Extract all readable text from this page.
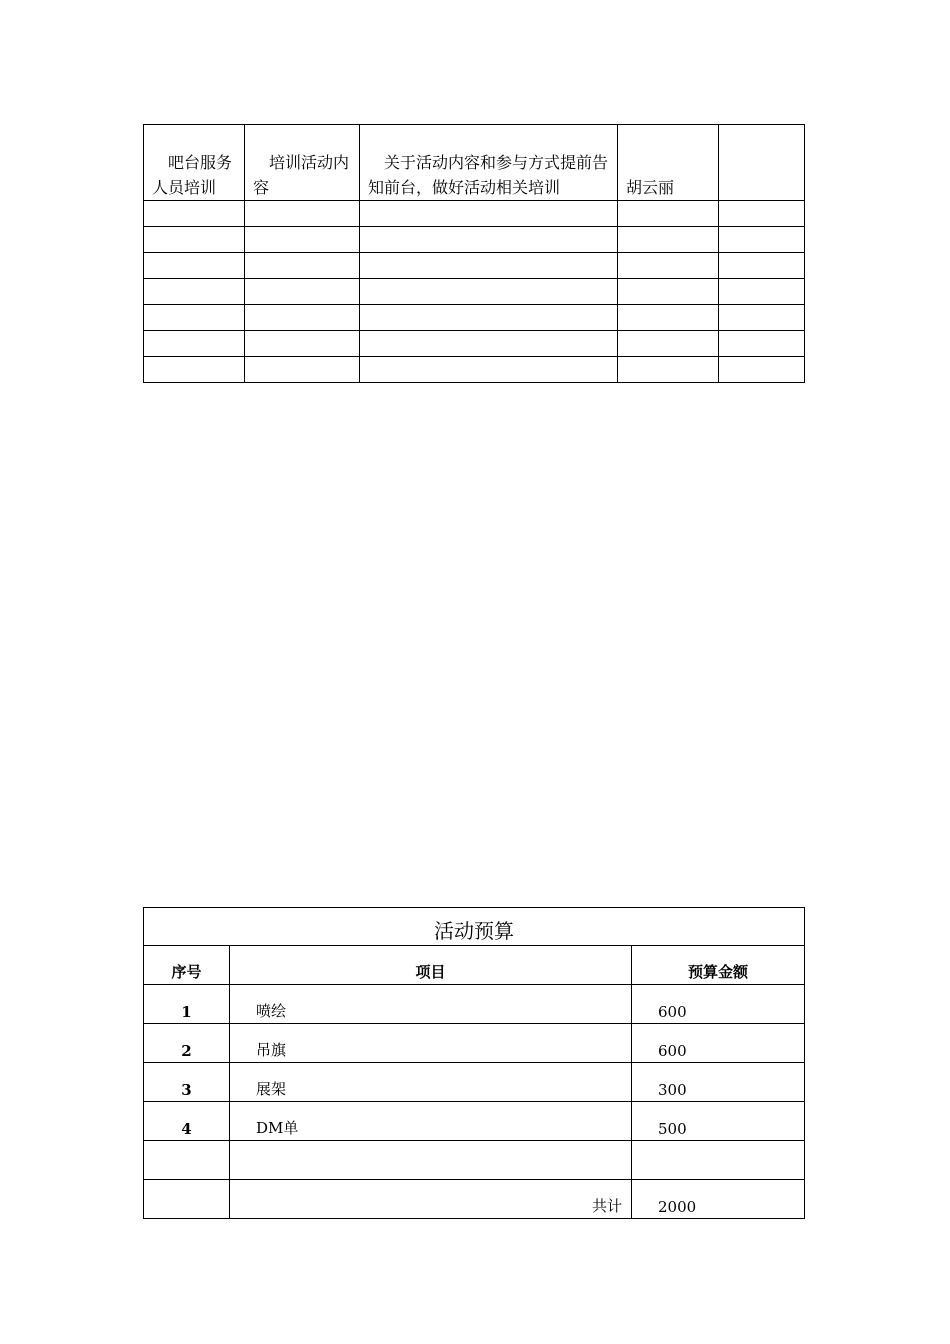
吧台服务人员培训	培训活动内容	关于活动内容和参与方式提前告知前台，做好活动相关培训	胡云丽	

活动预算		
序号	项目	预算金额
1	喷绘	600
2	吊旗	600
3	展架	300
4	DM单	500

	共计	2000
